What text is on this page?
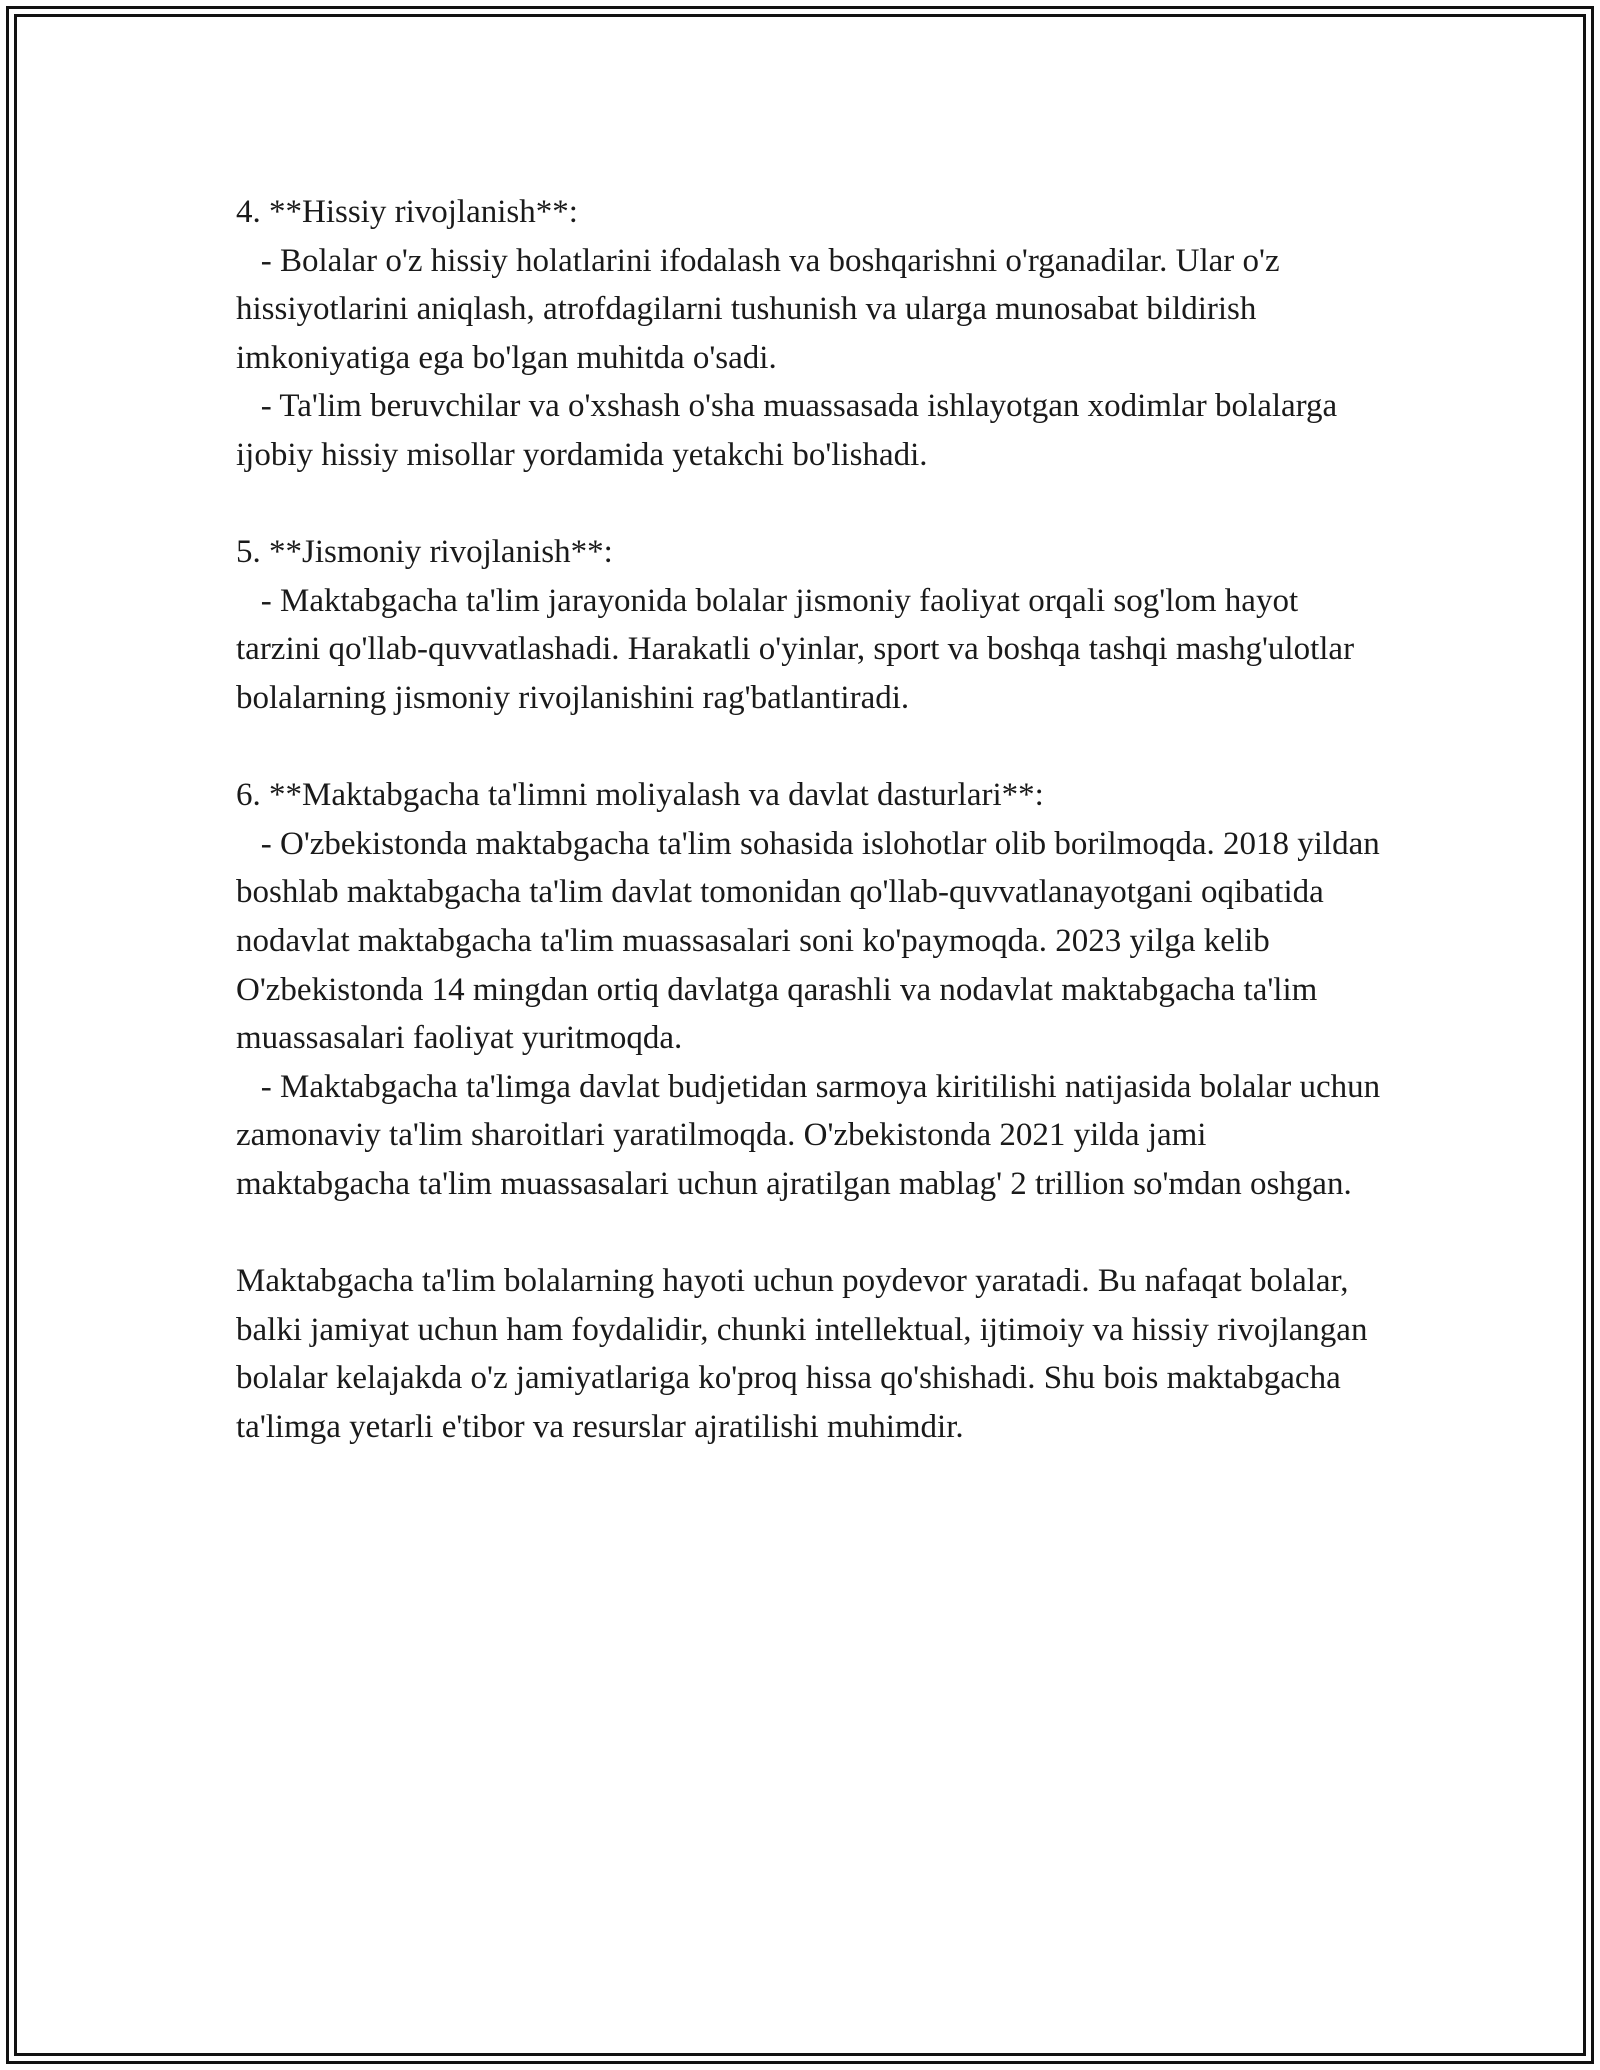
4. **Hissiy rivojlanish**:

- Bolalar o'z hissiy holatlarini ifodalash va boshqarishni o'rganadilar. Ular o'z hissiyotlarini aniqlash, atrofdagilarni tushunish va ularga munosabat bildirish imkoniyatiga ega bo'lgan muhitda o'sadi.

- Ta'lim beruvchilar va o'xshash o'sha muassasada ishlayotgan xodimlar bolalarga ijobiy hissiy misollar yordamida yetakchi bo'lishadi.

5. **Jismoniy rivojlanish**:

- Maktabgacha ta'lim jarayonida bolalar jismoniy faoliyat orqali sog'lom hayot tarzini qo'llab-quvvatlashadi. Harakatli o'yinlar, sport va boshqa tashqi mashg'ulotlar bolalarning jismoniy rivojlanishini rag'batlantiradi.

6. **Maktabgacha ta'limni moliyalash va davlat dasturlari**:

- O'zbekistonda maktabgacha ta'lim sohasida islohotlar olib borilmoqda. 2018 yildan boshlab maktabgacha ta'lim davlat tomonidan qo'llab-quvvatlanayotgani oqibatida nodavlat maktabgacha ta'lim muassasalari soni ko'paymoqda. 2023 yilga kelib O'zbekistonda 14 mingdan ortiq davlatga qarashli va nodavlat maktabgacha ta'lim muassasalari faoliyat yuritmoqda.

- Maktabgacha ta'limga davlat budjetidan sarmoya kiritilishi natijasida bolalar uchun zamonaviy ta'lim sharoitlari yaratilmoqda. O'zbekistonda 2021 yilda jami maktabgacha ta'lim muassasalari uchun ajratilgan mablag' 2 trillion so'mdan oshgan.

Maktabgacha ta'lim bolalarning hayoti uchun poydevor yaratadi. Bu nafaqat bolalar, balki jamiyat uchun ham foydalidir, chunki intellektual, ijtimoiy va hissiy rivojlangan bolalar kelajakda o'z jamiyatlariga ko'proq hissa qo'shishadi. Shu bois maktabgacha ta'limga yetarli e'tibor va resurslar ajratilishi muhimdir.
